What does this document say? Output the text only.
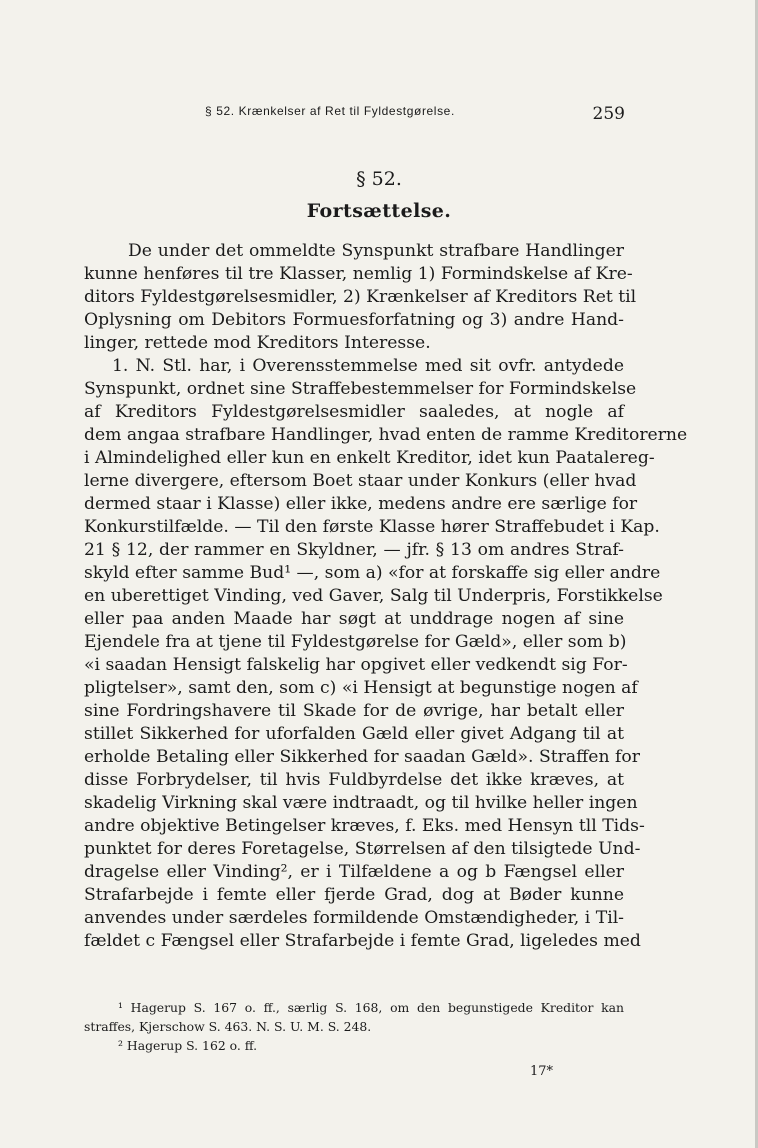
§ 52. Krænkelser af Ret til Fyldestgørelse.	259
§ 52.
Fortsættelse.
De under det ommeldte Synspunkt strafbare Handlinger
kunne henføres til tre Klasser, nemlig 1) Formindskelse af Kre-
ditors Fyldestgørelsesmidler, 2) Krænkelser af Kreditors Ret til
Oplysning om Debitors Formuesforfatning og 3) andre Hand-
linger, rettede mod Kreditors Interesse.
1. N. Stl. har, i Overensstemmelse med sit ovfr. antydede
Synspunkt, ordnet sine Straffebestemmelser for Formindskelse
af Kreditors Fyldestgørelsesmidler saaledes, at nogle af
dem angaa strafbare Handlinger, hvad enten de ramme Kreditorerne
i Almindelighed eller kun en enkelt Kreditor, idet kun Paatalereg-
lerne divergere, eftersom Boet staar under Konkurs (eller hvad
dermed staar i Klasse) eller ikke, medens andre ere særlige for
Konkurstilfælde. — Til den første Klasse hører Straffebudet i Kap.
21 § 12, der rammer en Skyldner, — jfr. § 13 om andres Straf-
skyld efter samme Bud¹ —, som a) «for at forskaffe sig eller andre
en uberettiget Vinding, ved Gaver, Salg til Underpris, Forstikkelse
eller paa anden Maade har søgt at unddrage nogen af sine
Ejendele fra at tjene til Fyldestgørelse for Gæld», eller som b)
«i saadan Hensigt falskelig har opgivet eller vedkendt sig For-
pligtelser», samt den, som c) «i Hensigt at begunstige nogen af
sine Fordringshavere til Skade for de øvrige, har betalt eller
stillet Sikkerhed for uforfalden Gæld eller givet Adgang til at
erholde Betaling eller Sikkerhed for saadan Gæld». Straffen for
disse Forbrydelser, til hvis Fuldbyrdelse det ikke kræves, at
skadelig Virkning skal være indtraadt, og til hvilke heller ingen
andre objektive Betingelser kræves, f. Eks. med Hensyn tll Tids-
punktet for deres Foretagelse, Størrelsen af den tilsigtede Und-
dragelse eller Vinding², er i Tilfældene a og b Fængsel eller
Strafarbejde i femte eller fjerde Grad, dog at Bøder kunne
anvendes under særdeles formildende Omstændigheder, i Til-
fældet c Fængsel eller Strafarbejde i femte Grad, ligeledes med
¹ Hagerup S. 167 o. ff., særlig S. 168, om den begunstigede Kreditor kan
straffes, Kjerschow S. 463. N. S. U. M. S. 248.
² Hagerup S. 162 o. ff.
17*
